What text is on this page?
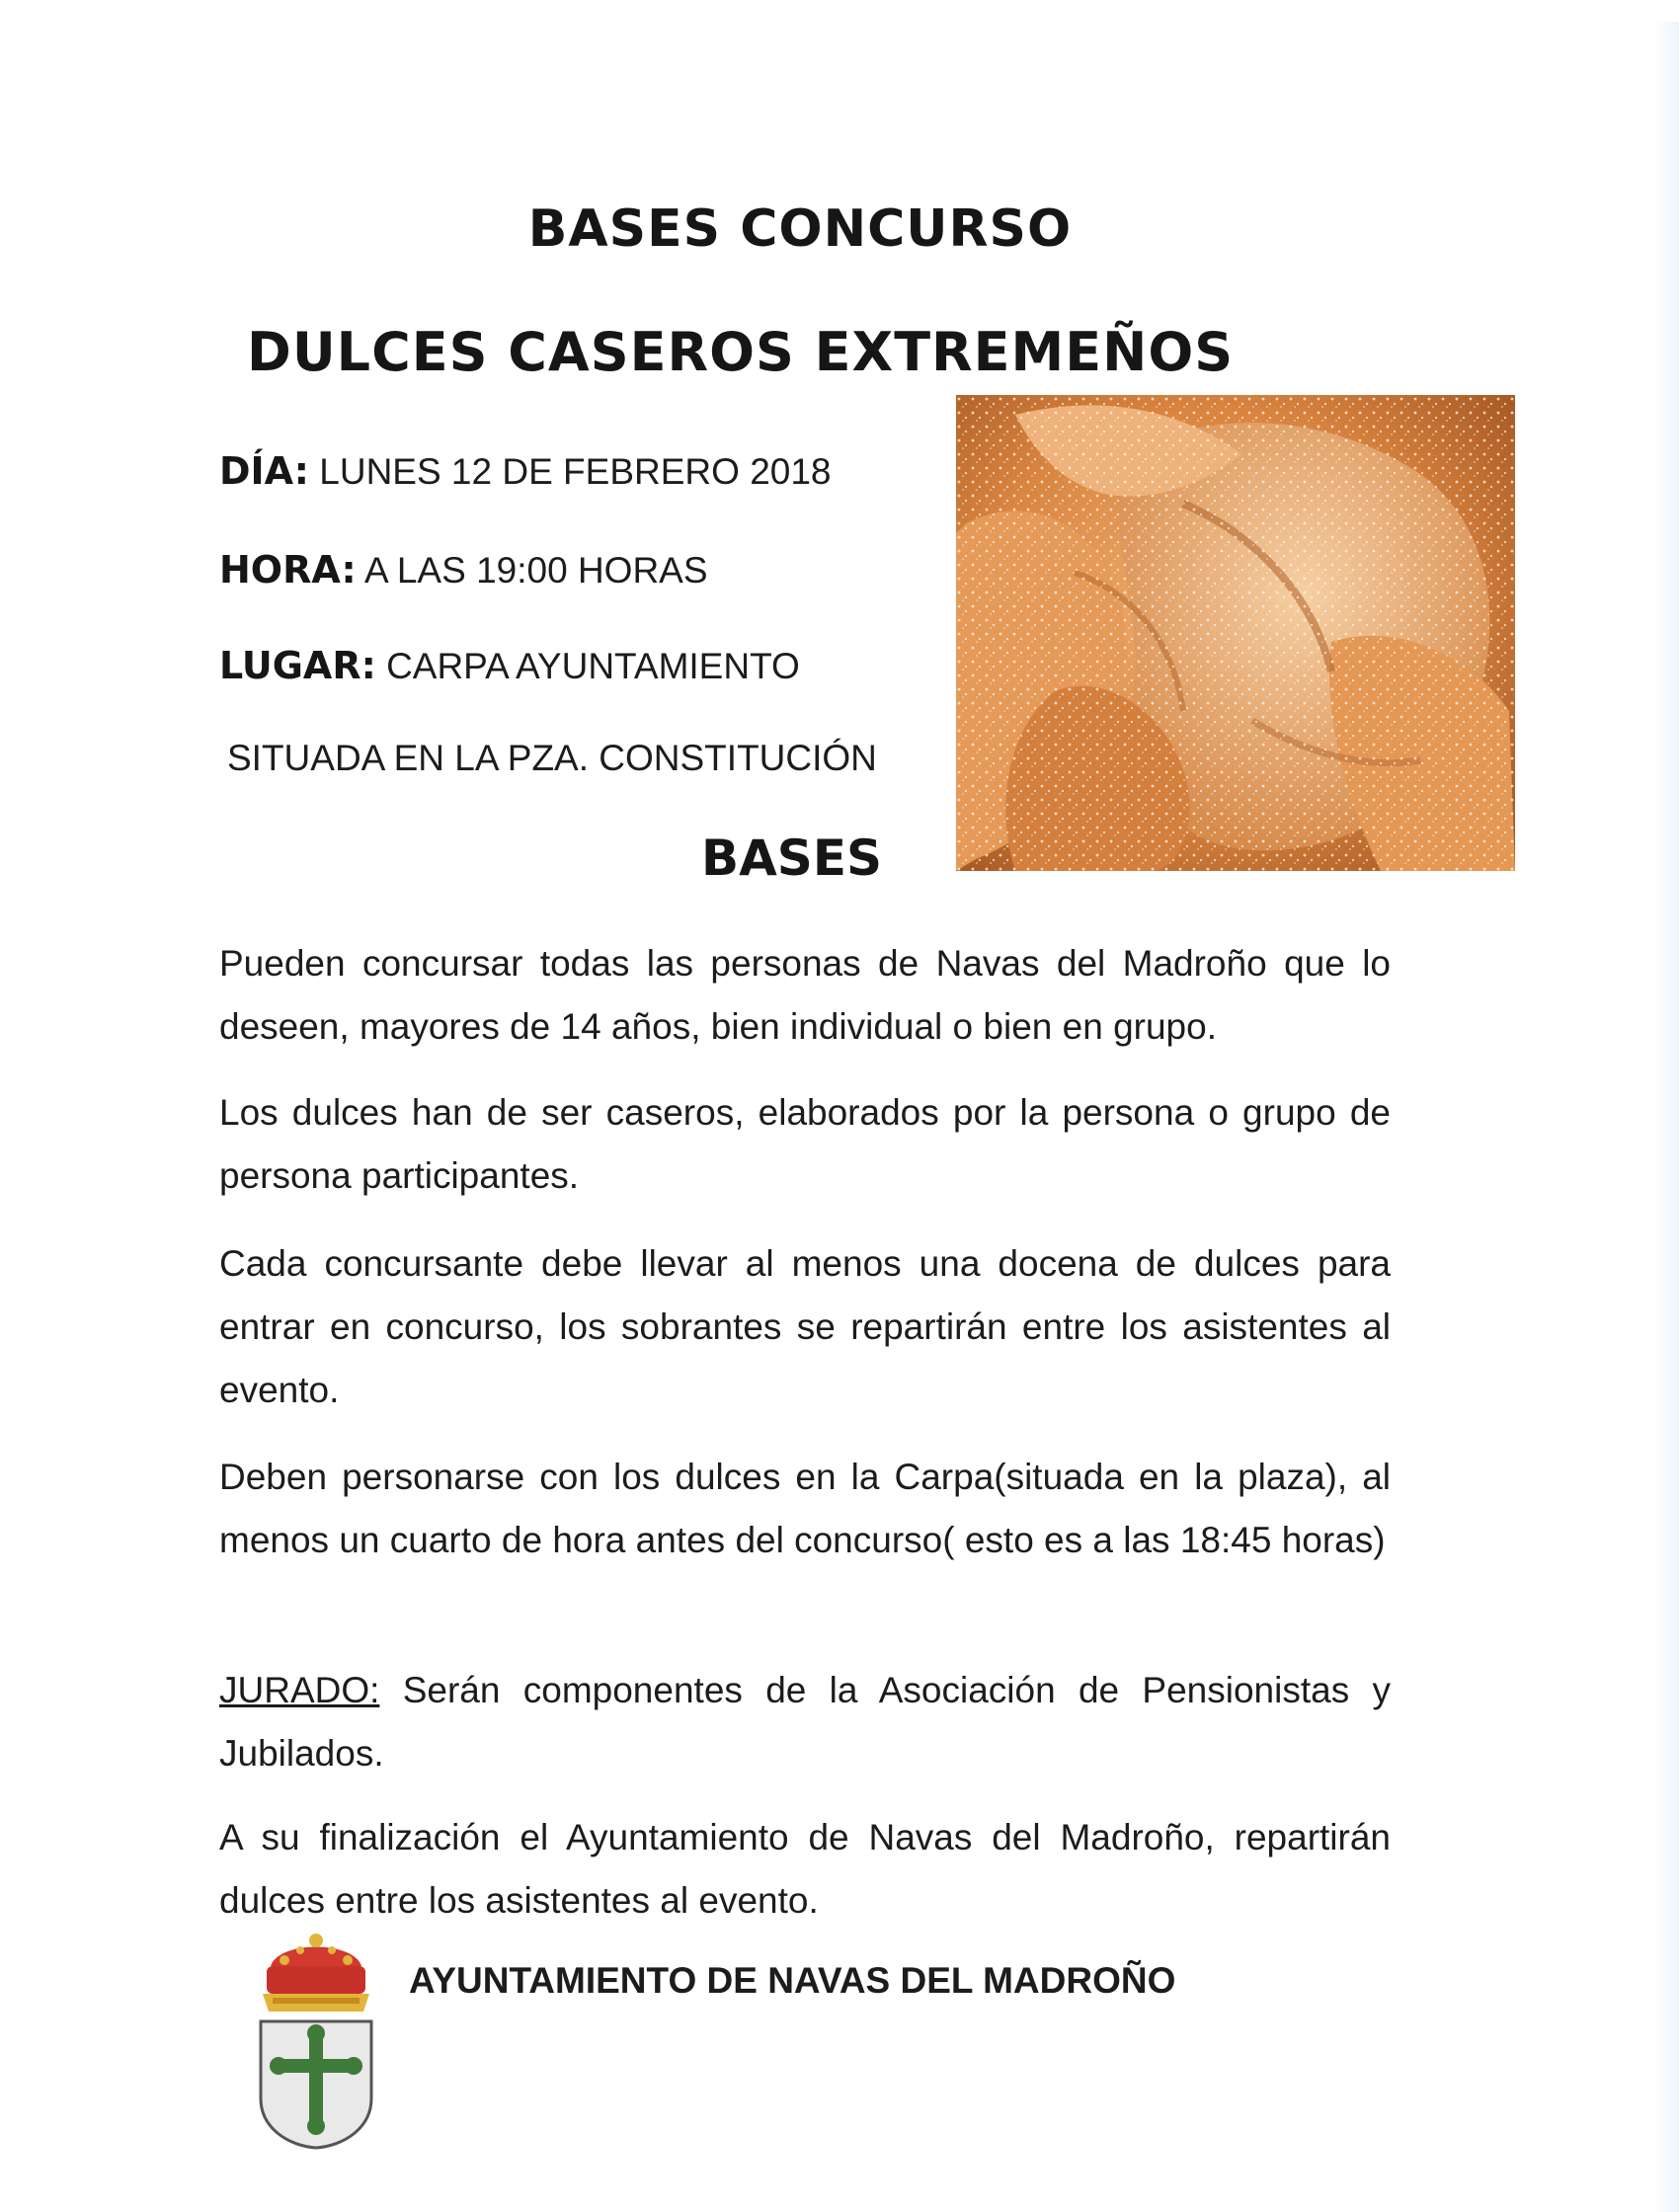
BASES CONCURSO
DULCES CASEROS EXTREMEÑOS
DÍA: LUNES 12 DE FEBRERO 2018
HORA: A LAS 19:00 HORAS
LUGAR: CARPA AYUNTAMIENTO
SITUADA EN LA PZA. CONSTITUCIÓN
BASES

Pueden concursar todas las personas de Navas del Madroño que lo deseen, mayores de 14 años, bien individual o bien en grupo.

Los dulces han de ser caseros, elaborados por la persona o grupo de persona participantes.

Cada concursante debe llevar al menos una docena de dulces para entrar en concurso, los sobrantes se repartirán entre los asistentes al evento.

Deben personarse con los dulces en la Carpa(situada en la plaza), al menos un cuarto de hora antes del concurso( esto es a las 18:45 horas)

JURADO: Serán componentes de la Asociación de Pensionistas y Jubilados.

A su finalización el Ayuntamiento de Navas del Madroño, repartirán dulces entre los asistentes al evento.

AYUNTAMIENTO DE NAVAS DEL MADROÑO
